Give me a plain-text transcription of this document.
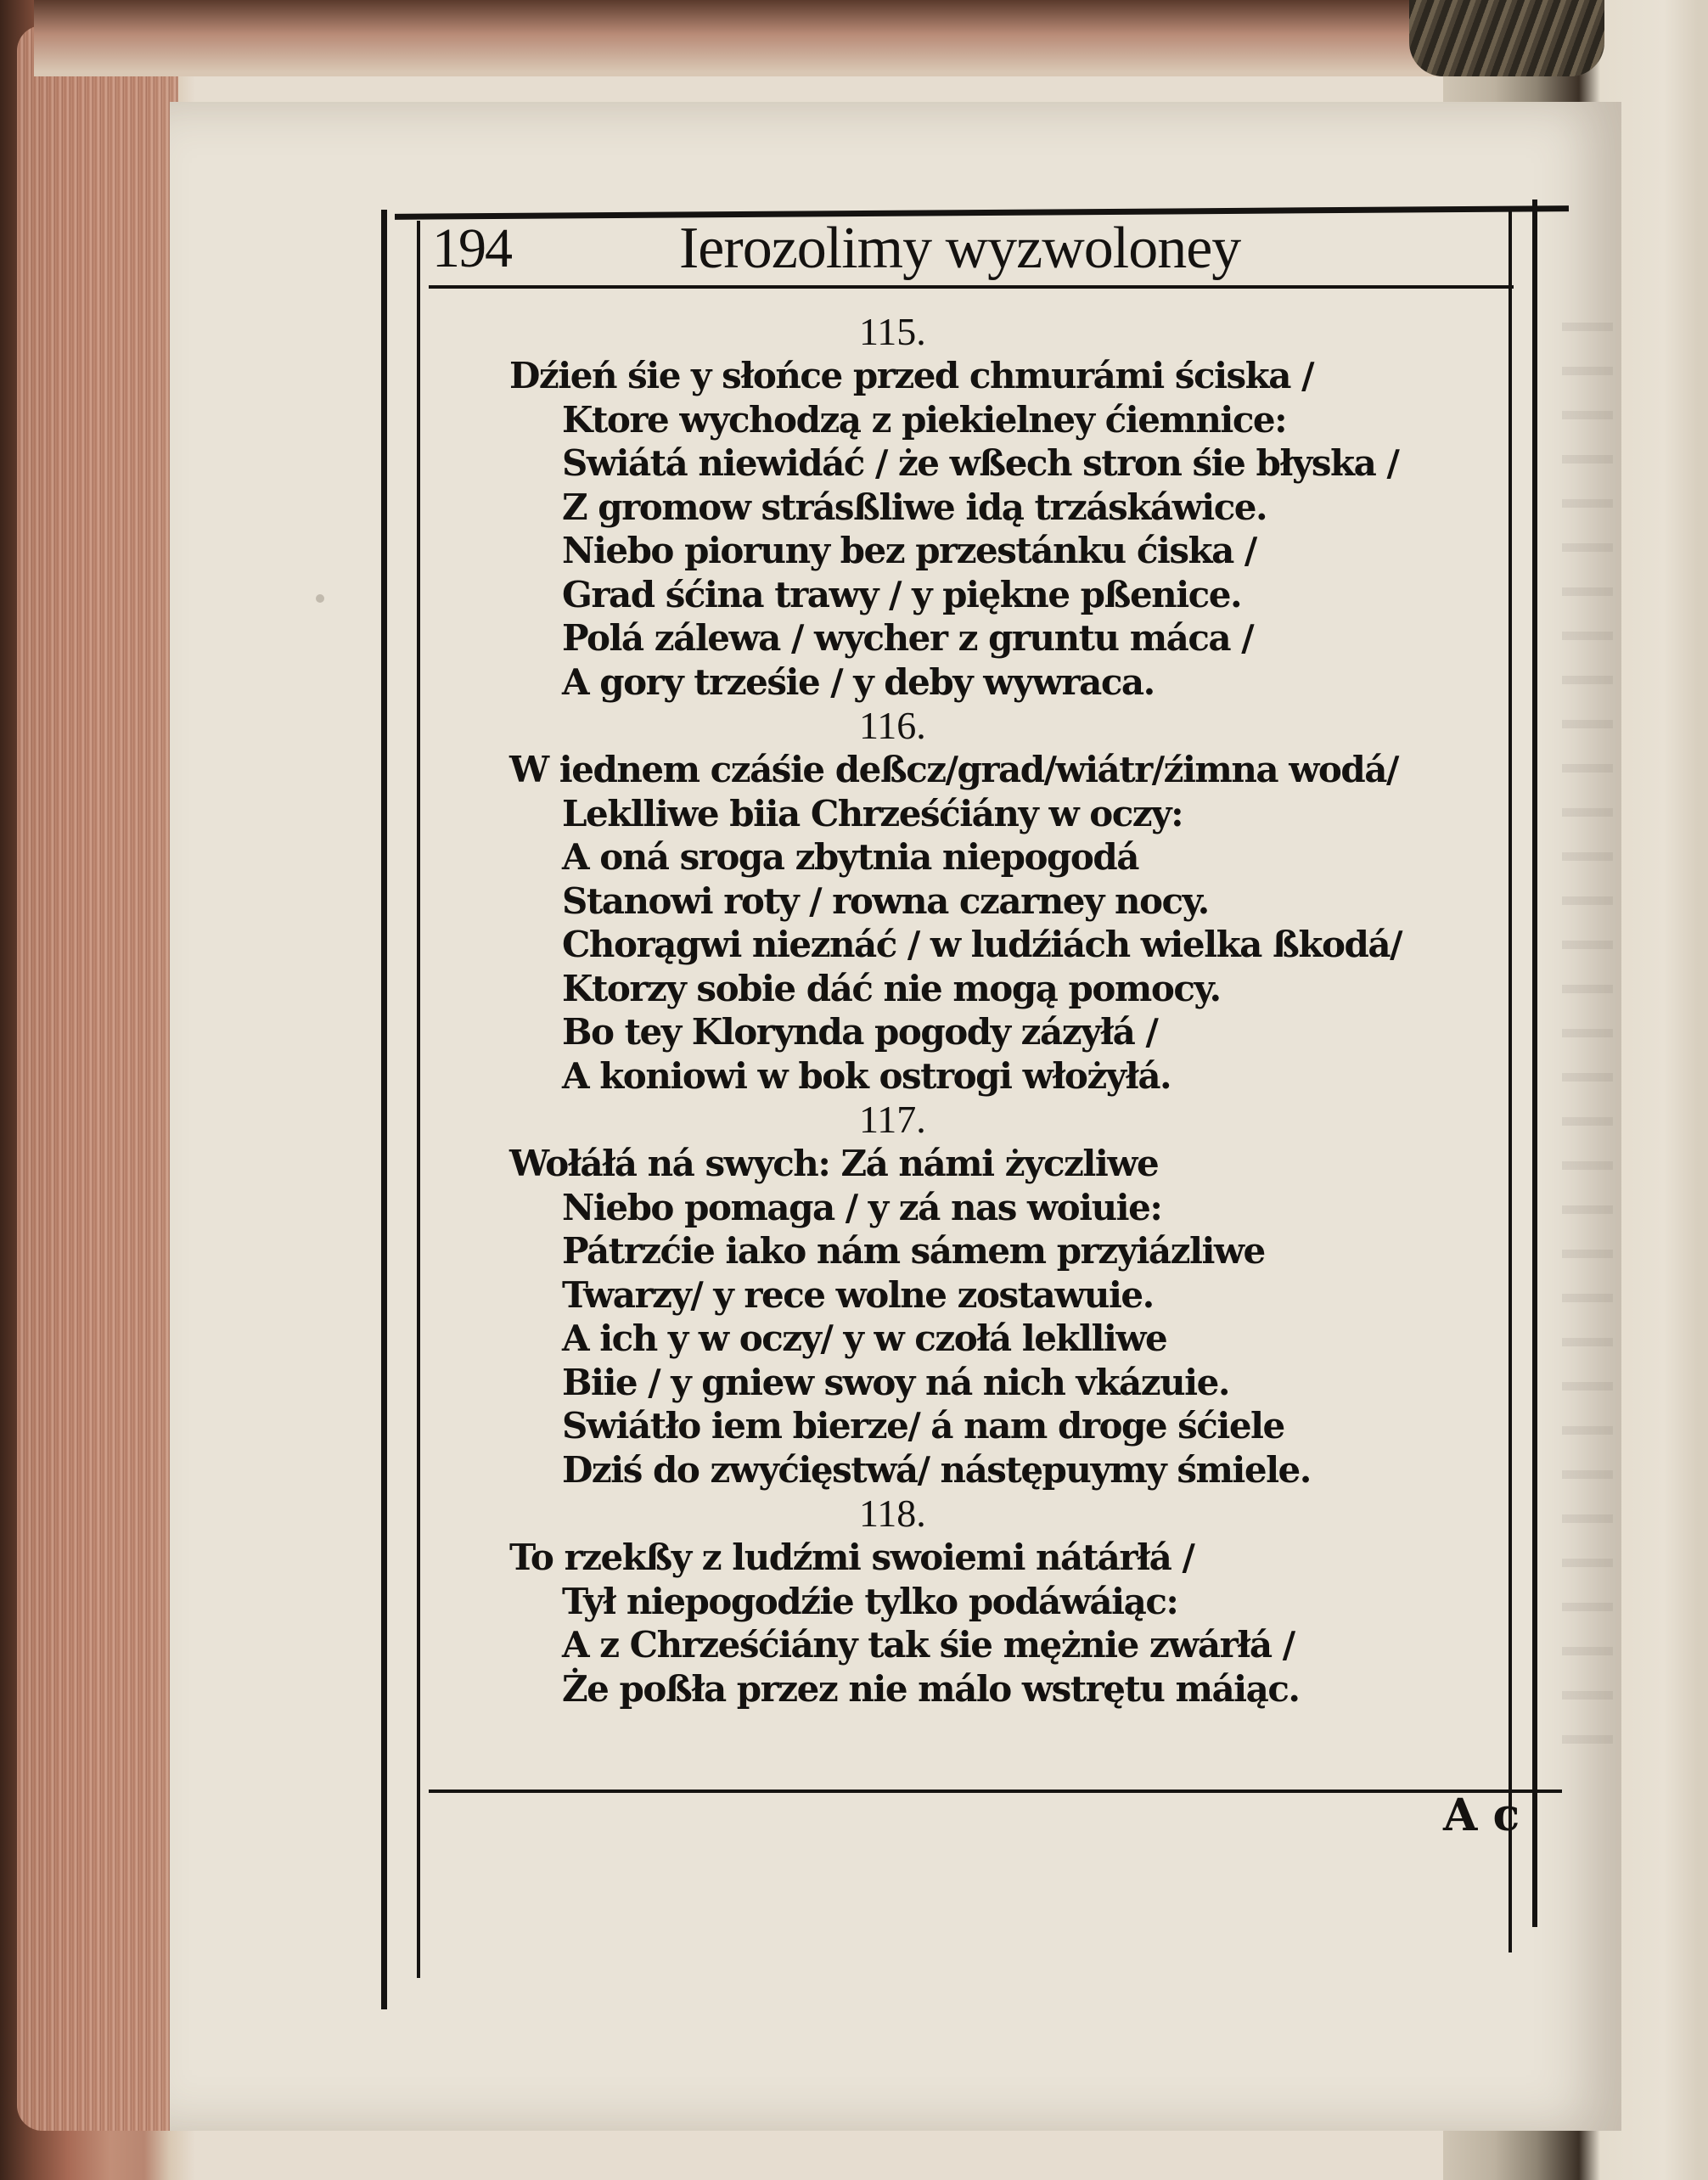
194	Ierozolimy wyzwoloney
115.
Dźień śie y słońce przed chmurámi ściska /
Ktore wychodzą z piekielney ćiemnice:
Swiátá niewidáć / że wßech stron śie błyska /
Z gromow strásßliwe idą trzáskáwice.
Niebo pioruny bez przestánku ćiska /
Grad śćina trawy / y piękne pßenice.
Polá zálewa / wycher z gruntu máca /
A gory trześie / y deby wywraca.
116.
W iednem czáśie deßcz/grad/wiátr/źimna wodá/
Leklliwe biia Chrześćiány w oczy:
A oná sroga zbytnia niepogodá
Stanowi roty / rowna czarney nocy.
Chorągwi nieznáć / w ludźiách wielka ßkodá/
Ktorzy sobie dáć nie mogą pomocy.
Bo tey Klorynda pogody zázyłá /
A koniowi w bok ostrogi włożyłá.
117.
Wołáłá ná swych: Zá námi życzliwe
Niebo pomaga / y zá nas woiuie:
Pátrzćie iako nám sámem przyiázliwe
Twarzy/ y rece wolne zostawuie.
A ich y w oczy/ y w czołá leklliwe
Biie / y gniew swoy ná nich vkázuie.
Swiátło iem bierze/ á nam droge śćiele
Dziś do zwyćięstwá/ nástępuymy śmiele.
118.
To rzekßy z ludźmi swoiemi nátárłá /
Tył niepogodźie tylko podáwáiąc:
A z Chrześćiány tak śie mężnie zwárłá /
Że poßła przez nie málo wstrętu máiąc.
A c
